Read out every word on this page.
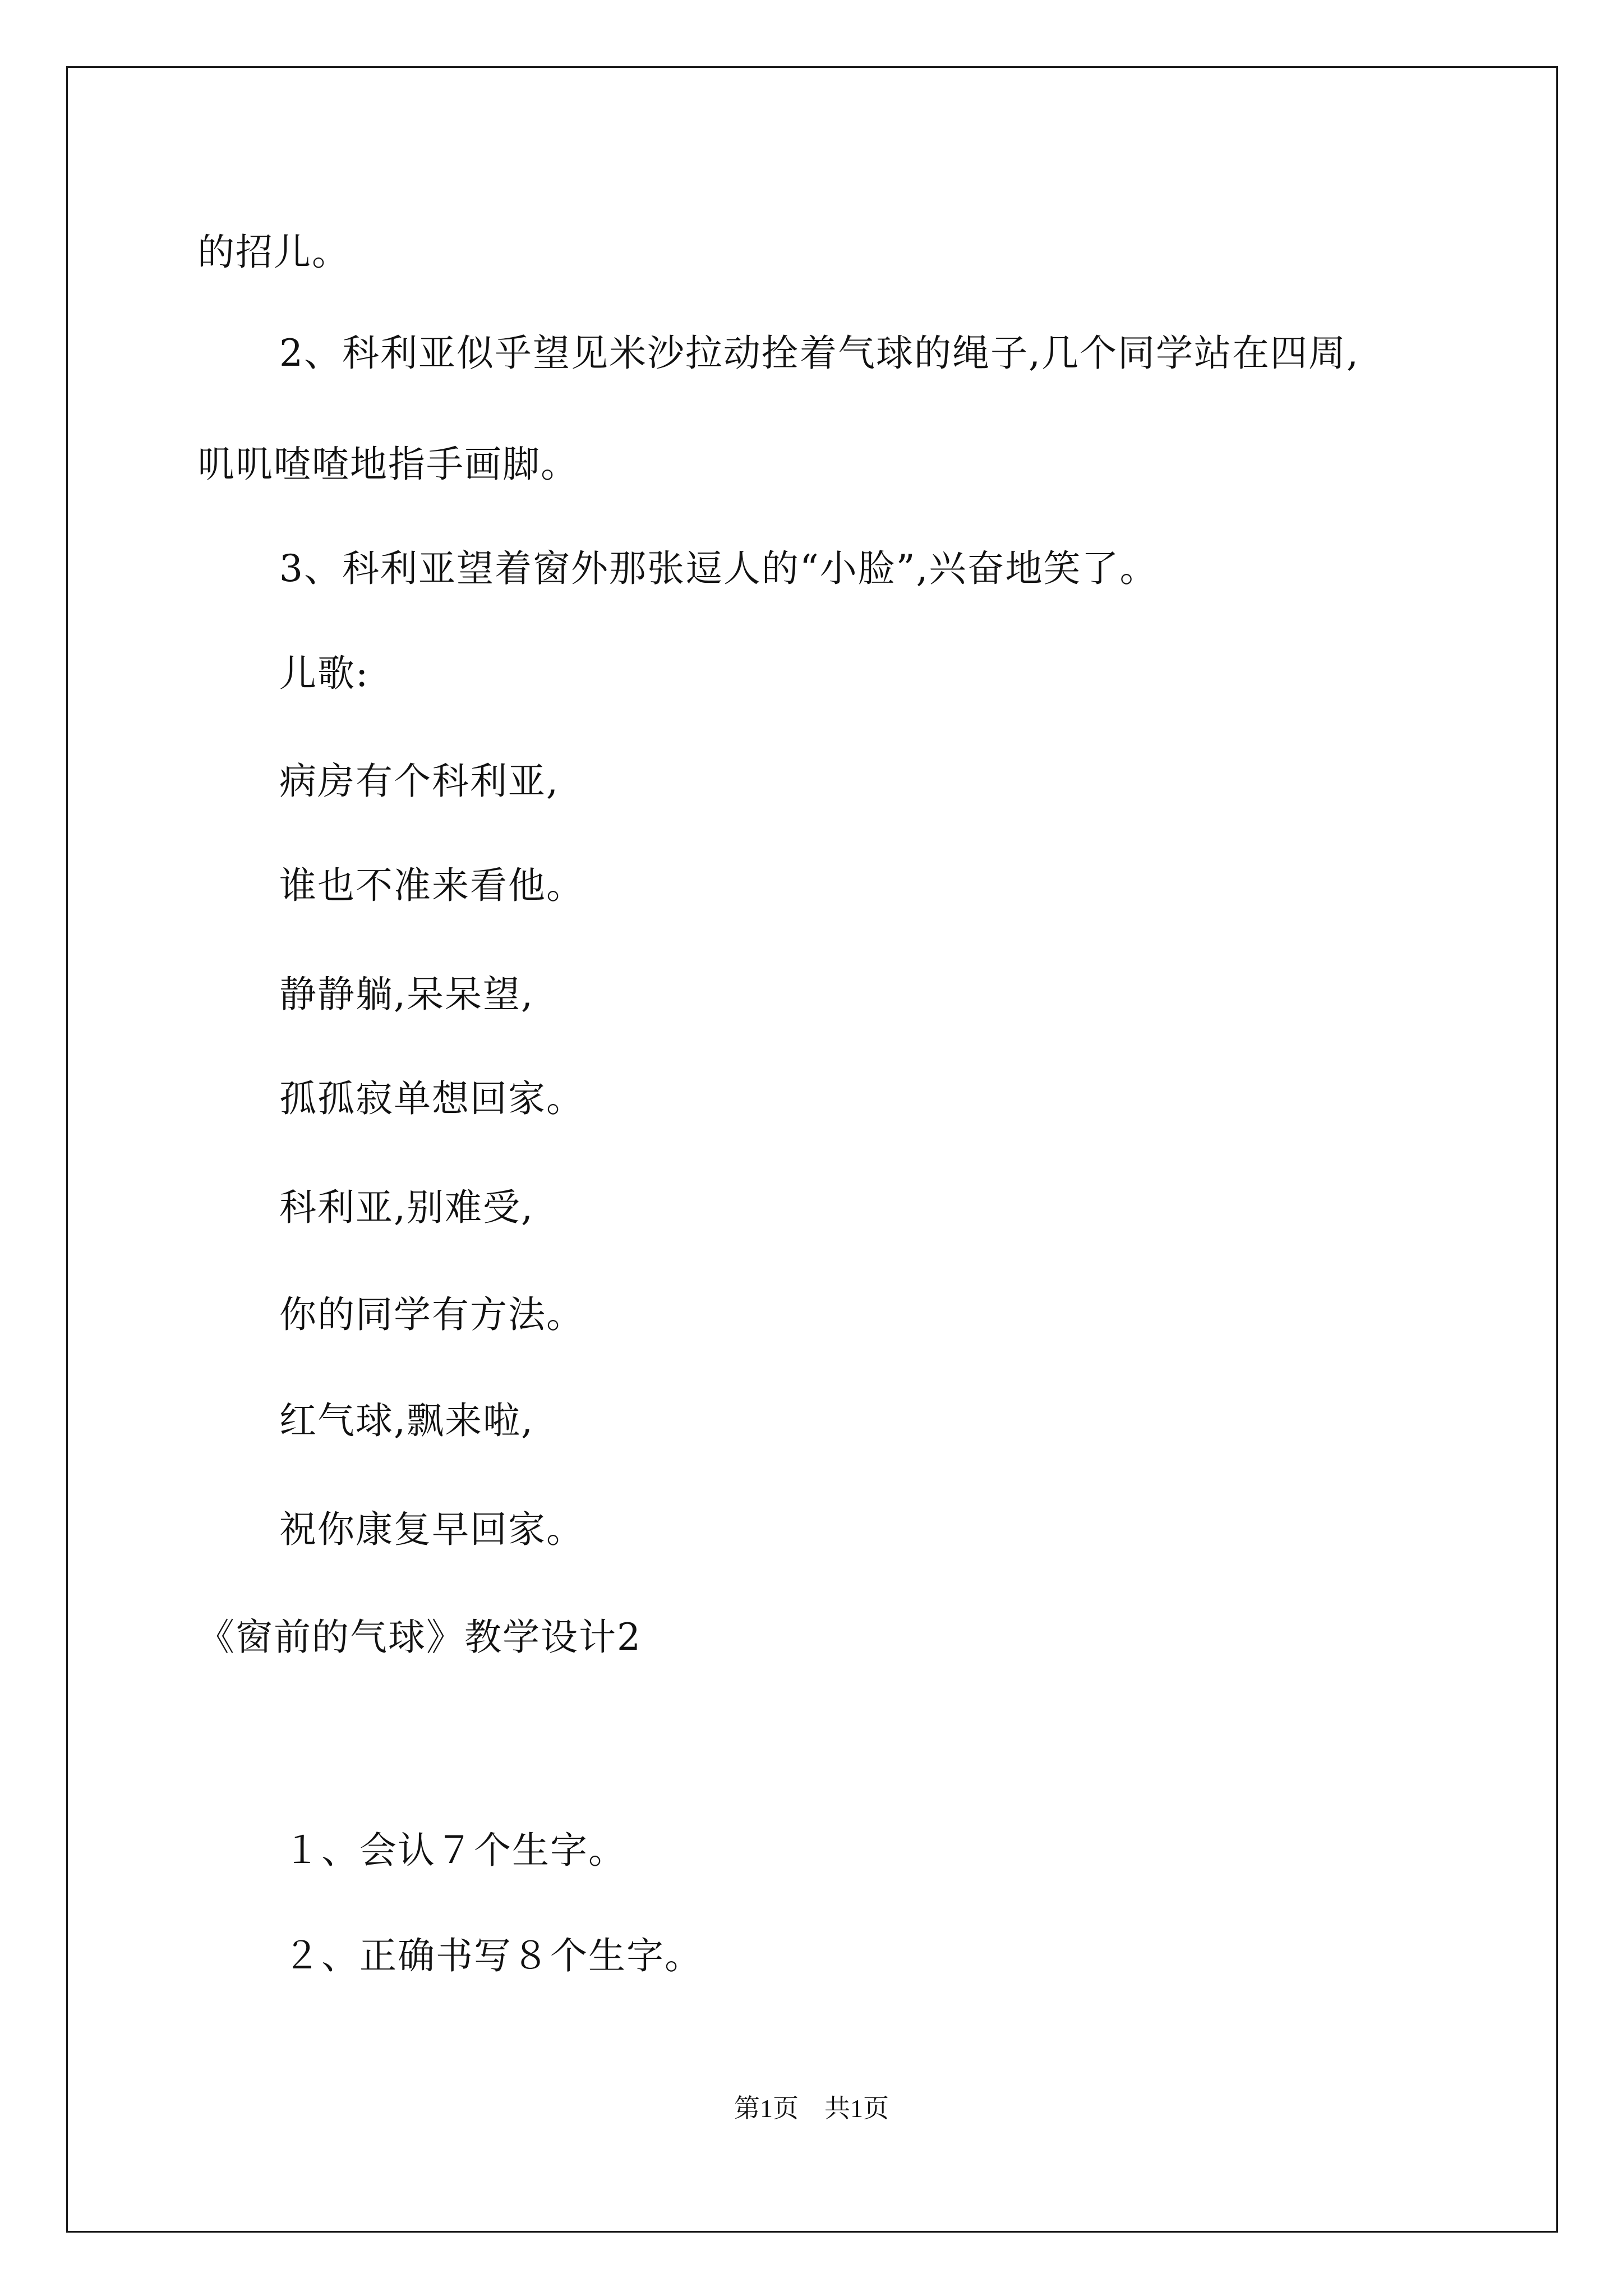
的招儿。
2、科利亚似乎望见米沙拉动拴着气球的绳子,几个同学站在四周,
叽叽喳喳地指手画脚。
3、科利亚望着窗外那张逗人的“小脸”,兴奋地笑了。
儿歌:
病房有个科利亚,
谁也不准来看他。
静静躺,呆呆望,
孤孤寂单想回家。
科利亚,别难受,
你的同学有方法。
红气球,飘来啦,
祝你康复早回家。
《窗前的气球》教学设计2
１、会认７个生字。
２、正确书写８个生字。
第1页　共1页
